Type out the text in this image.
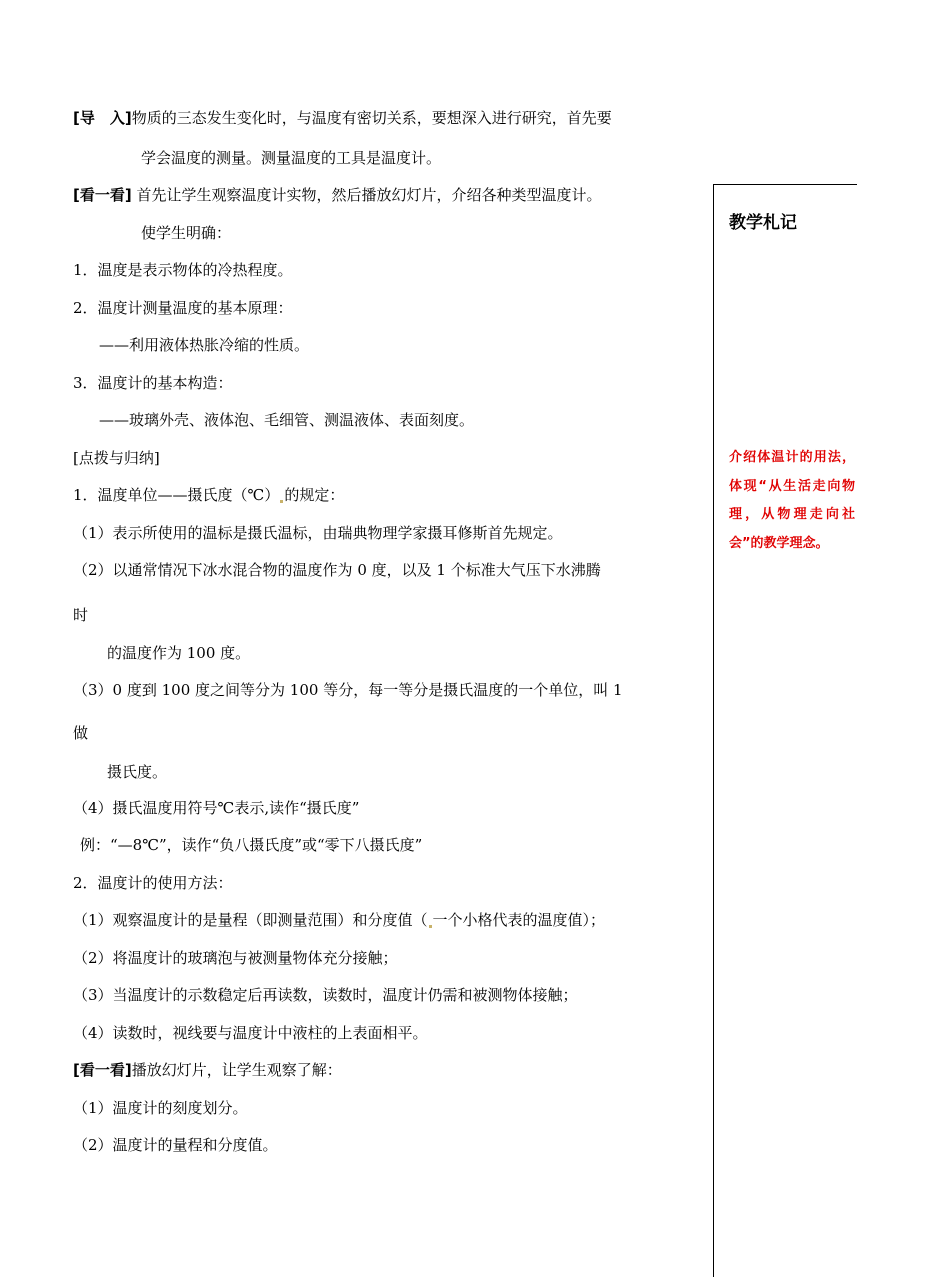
[导　入]物质的三态发生变化时，与温度有密切关系，要想深入进行研究，首先要
学会温度的测量。测量温度的工具是温度计。
[看一看] 首先让学生观察温度计实物，然后播放幻灯片，介绍各种类型温度计。
使学生明确：
1．温度是表示物体的冷热程度。
2．温度计测量温度的基本原理：
——利用液体热胀冷缩的性质。
3．温度计的基本构造：
——玻璃外壳、液体泡、毛细管、测温液体、表面刻度。
[点拨与归纳]
1．温度单位——摄氏度（℃） 的规定：
（1）表示所使用的温标是摄氏温标，由瑞典物理学家摄耳修斯首先规定。
（2）以通常情况下冰水混合物的温度作为 0 度，以及 1 个标准大气压下水沸腾
时
的温度作为 100 度。
（3）0 度到 100 度之间等分为 100 等分，每一等分是摄氏温度的一个单位，叫 1
做
摄氏度。
（4）摄氏温度用符号℃表示,读作“摄氏度”
例：“—8℃”，读作“负八摄氏度”或“零下八摄氏度”
2．温度计的使用方法：
（1）观察温度计的是量程（即测量范围）和分度值（ 一个小格代表的温度值）；
（2）将温度计的玻璃泡与被测量物体充分接触；
（3）当温度计的示数稳定后再读数，读数时，温度计仍需和被测物体接触；
（4）读数时，视线要与温度计中液柱的上表面相平。
[看一看]播放幻灯片，让学生观察了解：
（1）温度计的刻度划分。
（2）温度计的量程和分度值。
教学札记
介绍体温计的用法，体现“从生活走向物理，从物理走向社会”的教学理念。
